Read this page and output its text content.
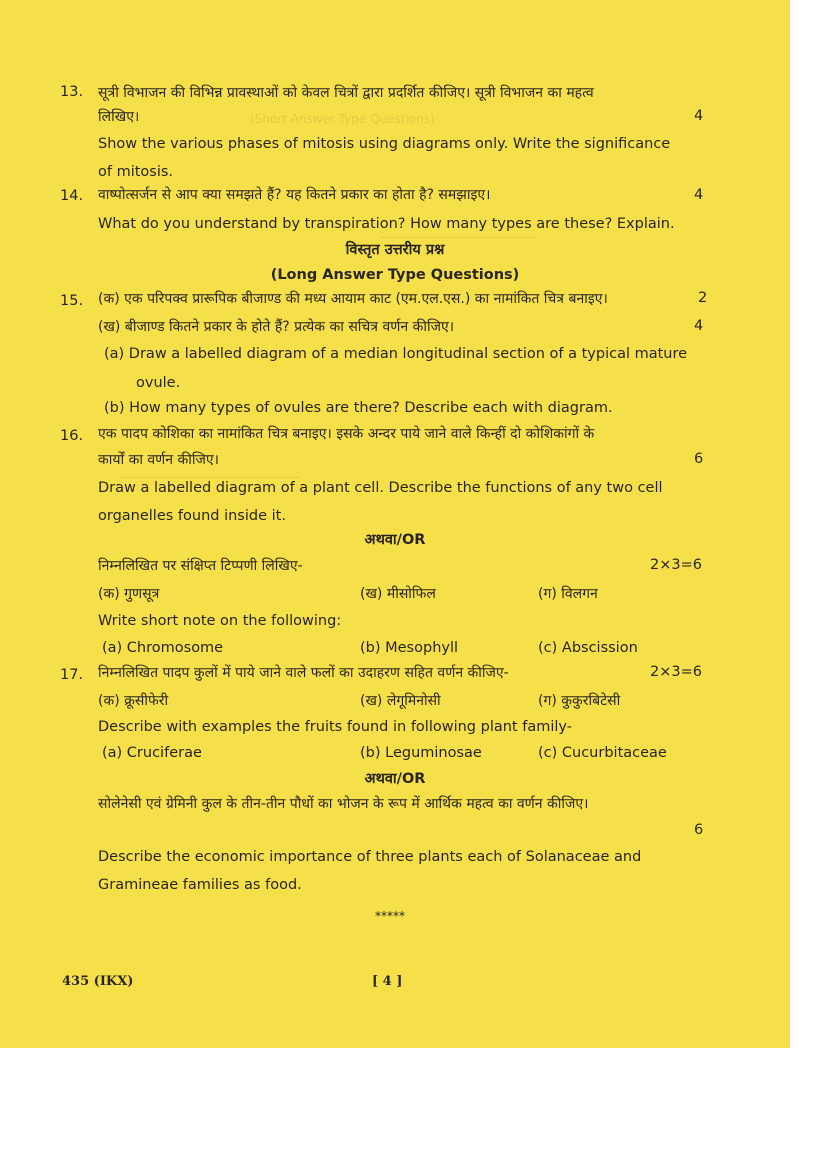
(Short Answer Type Questions)
—————————————
———————————————
13. सूत्री विभाजन की विभिन्न प्रावस्थाओं को केवल चित्रों द्वारा प्रदर्शित कीजिए। सूत्री विभाजन का महत्व
लिखिए।	4
Show the various phases of mitosis using diagrams only. Write the significance
of mitosis.
14. वाष्पोत्सर्जन से आप क्या समझते हैं? यह कितने प्रकार का होता है? समझाइए।	4
What do you understand by transpiration? How many types are these? Explain.
विस्तृत उत्तरीय प्रश्न
(Long Answer Type Questions)
15. (क) एक परिपक्व प्रारूपिक बीजाण्ड की मध्य आयाम काट (एम.एल.एस.) का नामांकित चित्र बनाइए।	2
(ख) बीजाण्ड कितने प्रकार के होते हैं? प्रत्येक का सचित्र वर्णन कीजिए।	4
(a) Draw a labelled diagram of a median longitudinal section of a typical mature
ovule.
(b) How many types of ovules are there? Describe each with diagram.
16. एक पादप कोशिका का नामांकित चित्र बनाइए। इसके अन्दर पाये जाने वाले किन्हीं दो कोशिकांगों के
कार्यों का वर्णन कीजिए।	6
Draw a labelled diagram of a plant cell. Describe the functions of any two cell
organelles found inside it.
अथवा/OR
निम्नलिखित पर संक्षिप्त टिप्पणी लिखिए-	2×3=6
(क) गुणसूत्र	(ख) मीसोफिल	(ग) विलगन
Write short note on the following:
(a) Chromosome	(b) Mesophyll	(c) Abscission
17. निम्नलिखित पादप कुलों में पाये जाने वाले फलों का उदाहरण सहित वर्णन कीजिए-	2×3=6
(क) क्रूसीफेरी	(ख) लेगूमिनोसी	(ग) कुकुरबिटेसी
Describe with examples the fruits found in following plant family-
(a) Cruciferae	(b) Leguminosae	(c) Cucurbitaceae
अथवा/OR
सोलेनेसी एवं ग्रेमिनी कुल के तीन-तीन पौधों का भोजन के रूप में आर्थिक महत्व का वर्णन कीजिए।
6
Describe the economic importance of three plants each of Solanaceae and
Gramineae families as food.
*****
435 (IKX)	[ 4 ]
